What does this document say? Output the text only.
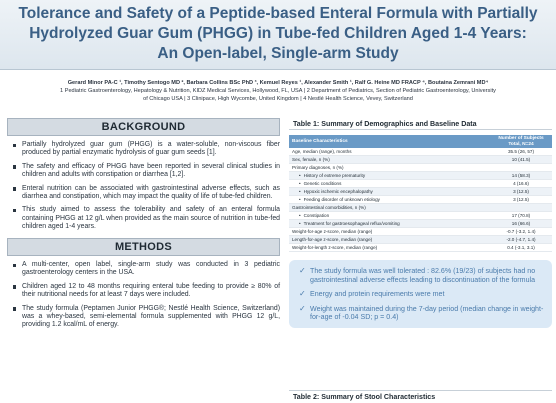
Tolerance and Safety of a Peptide-based Enteral Formula with Partially
Hydrolyzed Guar Gum (PHGG) in Tube-fed Children Aged 1-4 Years:
An Open-label, Single-arm Study
Gerard Minor PA-C ¹, Timothy Sentogo MD ², Barbara Collins BSc PhD ³, Kemuel Reyes ¹, Alexander Smith ¹, Ralf G. Heine MD FRACP ⁴, Boutaina Zemrani MD⁴
1 Pediatric Gastroenterology, Hepatology & Nutrition, KIDZ Medical Services, Hollywood, FL, USA | 2 Department of Pediatrics, Section of Pediatric Gastroenterology, University
of Chicago USA | 3 Clinipace, High Wycombe, United Kingdom | 4 Nestlé Health Science, Vevey, Switzerland
BACKGROUND
Partially hydrolyzed guar gum (PHGG) is a water-soluble, non-viscous fiber produced by partial enzymatic hydrolysis of guar gum seeds [1].
The safety and efficacy of PHGG have been reported in several clinical studies in children and adults with constipation or diarrhea [1,2].
Enteral nutrition can be associated with gastrointestinal adverse effects, such as diarrhea and constipation, which may impact the quality of life of tube-fed children.
This study aimed to assess the tolerability and safety of an enteral formula containing PHGG at 12 g/L when provided as the main source of nutrition in tube-fed children aged 1-4 years.
METHODS
A multi-center, open label, single-arm study was conducted in 3 pediatric gastroenterology centers in the USA.
Children aged 12 to 48 months requiring enteral tube feeding to provide ≥ 80% of their nutritional needs for at least 7 days were included.
The study formula (Peptamen Junior PHGG®; Nestlé Health Science, Switzerland) was a whey-based, semi-elemental formula supplemented with PHGG 12 g/L, providing 1.2 kcal/mL of energy.
Table 1: Summary of Demographics and Baseline Data
Baseline Characteristics	Number of Subjects Total, N=24
Age, median (range), months	35.5 (26, 57)
Sex, female, n (%)	10 (41.5)
Primary diagnoses, n (%)	
• History of extreme prematurity	14 (58.3)
• Genetic conditions	4 (16.6)
• Hypoxic ischemic encephalopathy	3 (12.5)
• Feeding disorder of unknown etiology	3 (12.5)
Gastrointestinal comorbidities, n (%)	
• Constipation	17 (70.8)
• Treatment for gastroesophageal reflux/vomiting	16 (66.6)
Weight-for-age z-score, median (range)	-0.7 (-3.2, 1.4)
Length-for-age z-score, median (range)	-2.0 (-4.7, 1.4)
Weight-for-length z-score, median (range)	0.4 (-3.1, 3.1)
✓ The study formula was well tolerated : 82.6% (19/23) of subjects had no gastrointestinal adverse effects leading to discontinuation of the formula
✓ Energy and protein requirements were met
✓ Weight was maintained during the 7-day period (median change in weight-for-age of -0.04 SD; p = 0.4)
Table 2: Summary of Stool Characteristics
